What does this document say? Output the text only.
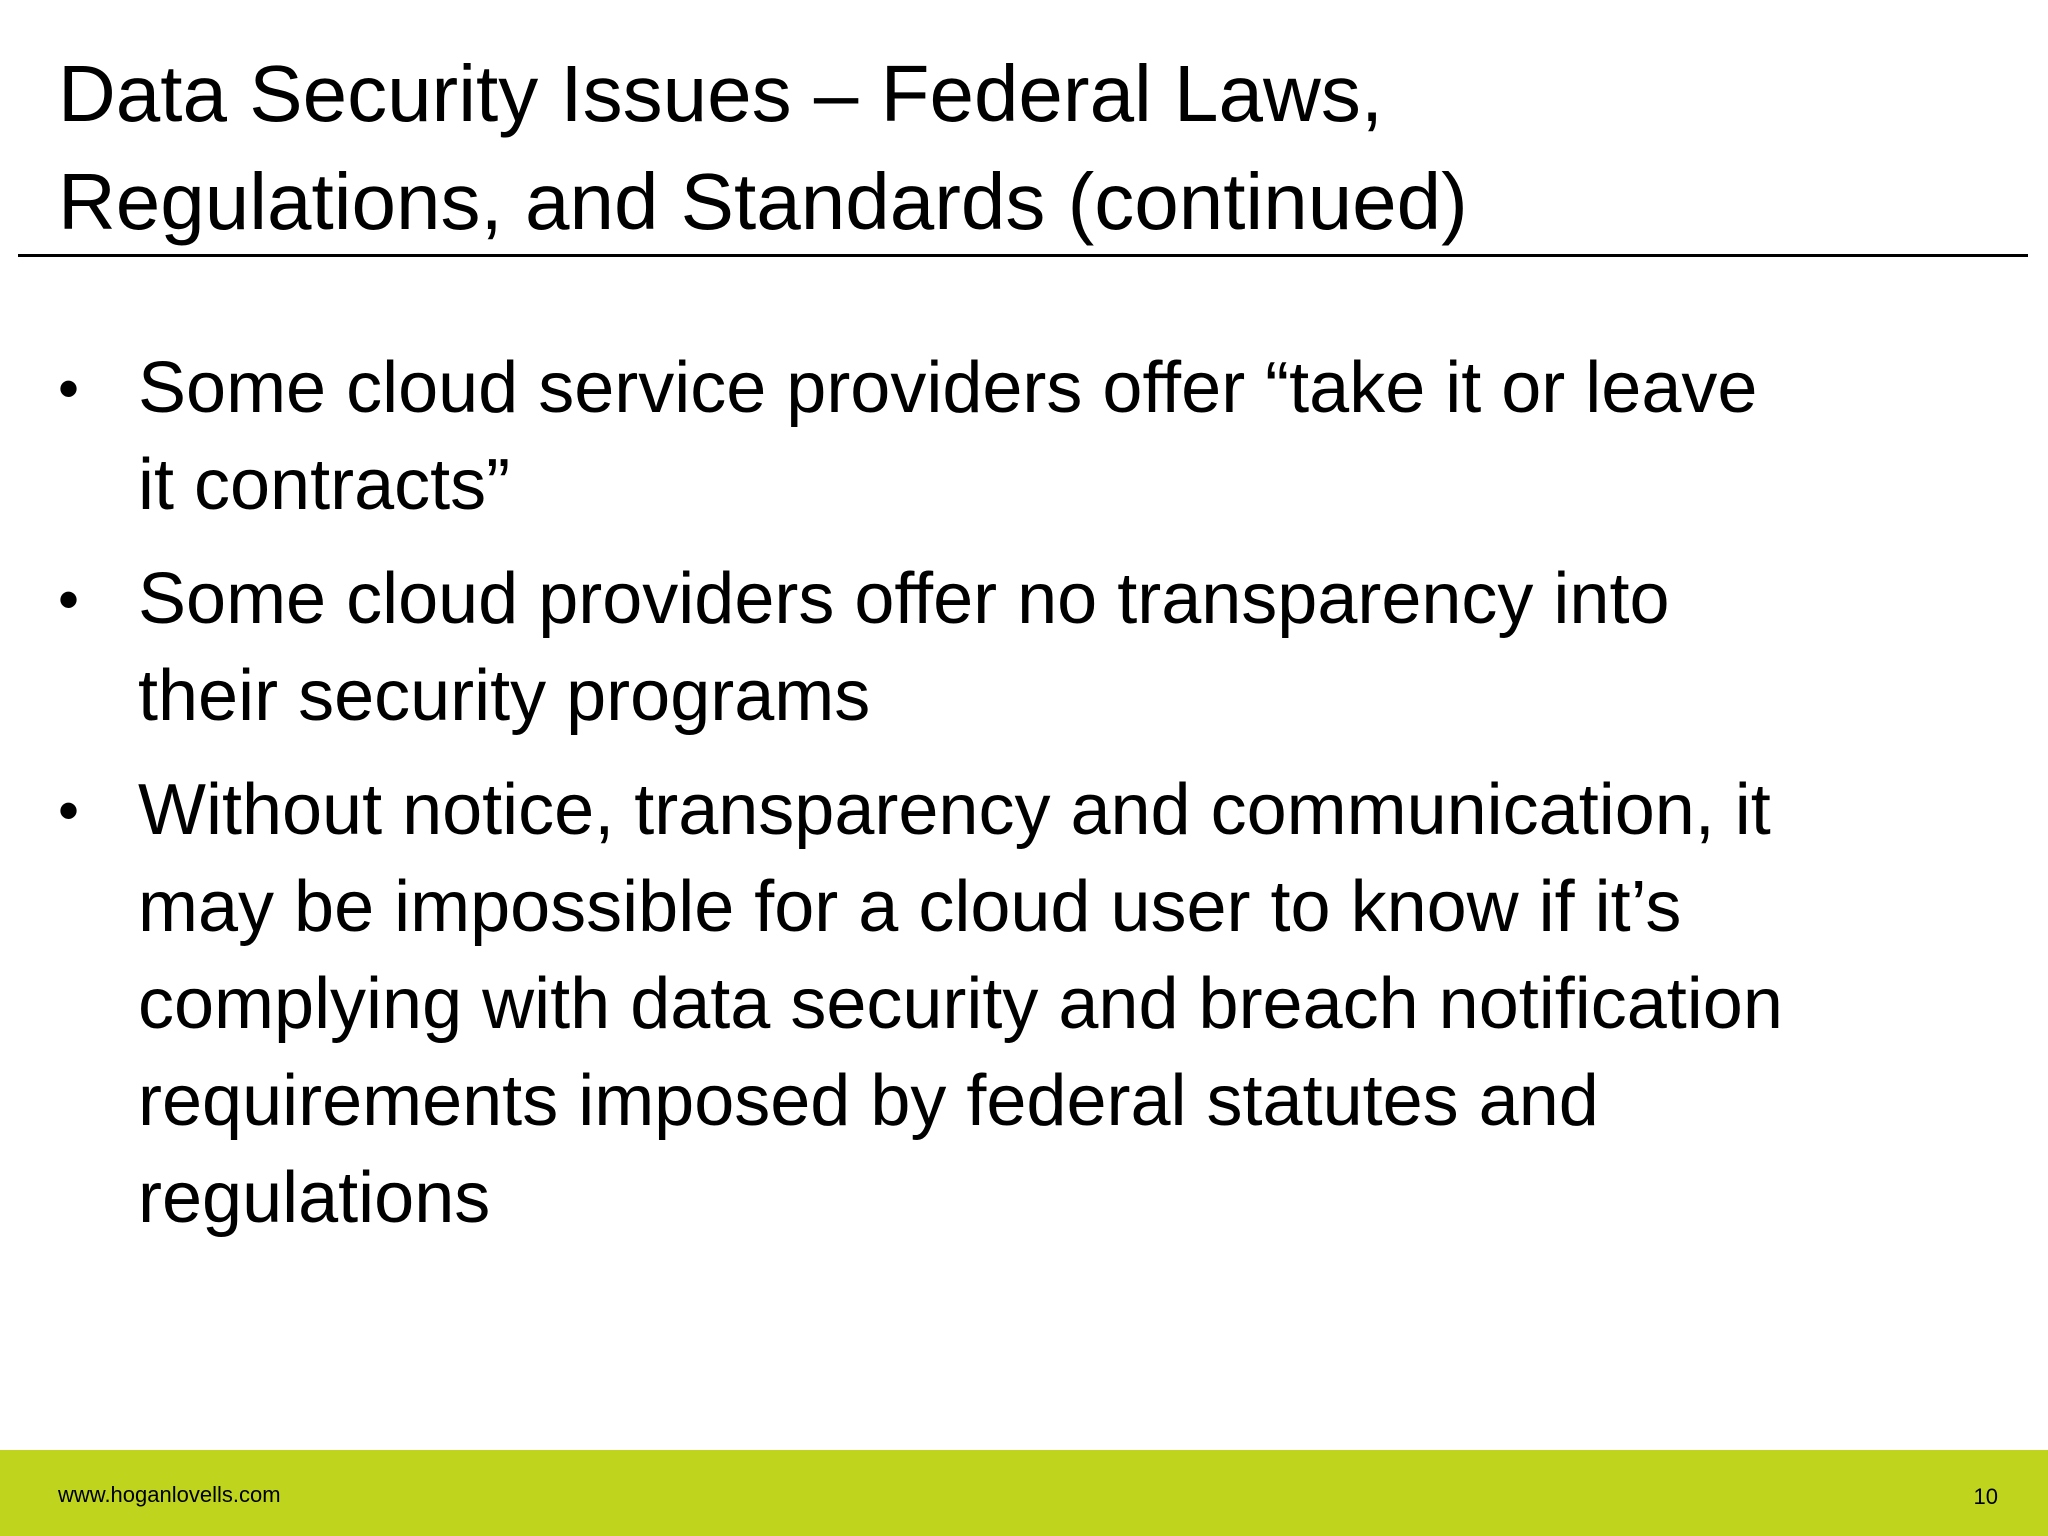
Data Security Issues – Federal Laws,
Regulations, and Standards (continued)
• Some cloud service providers offer “take it or leave
it contracts”
• Some cloud providers offer no transparency into
their security programs
• Without notice, transparency and communication, it
may be impossible for a cloud user to know if it’s
complying with data security and breach notification
requirements imposed by federal statutes and
regulations
www.hoganlovells.com	10
